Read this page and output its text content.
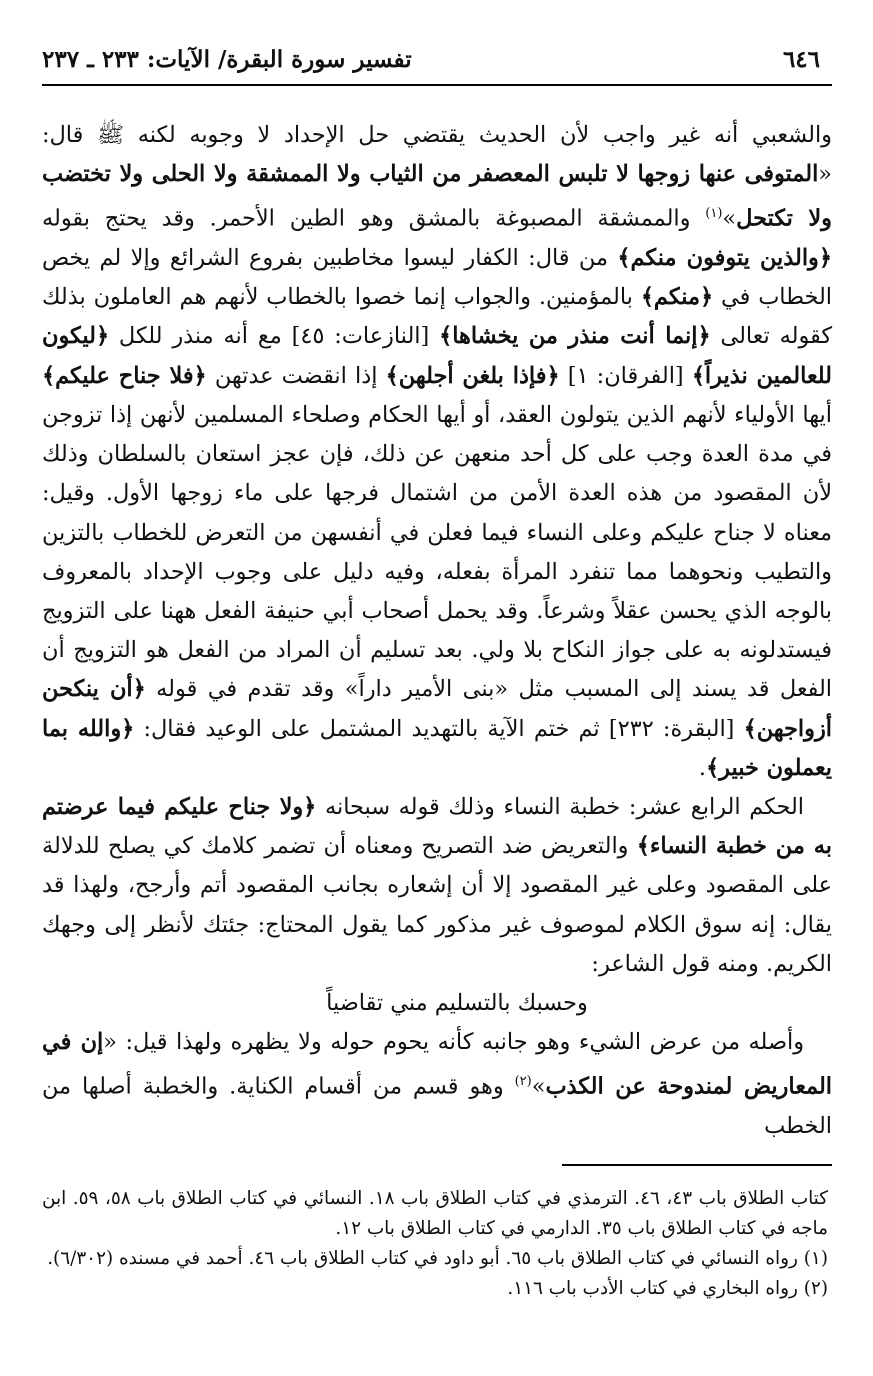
٦٤٦
تفسير سورة البقرة/ الآيات: ٢٣٣ ـ ٢٣٧

والشعبي أنه غير واجب لأن الحديث يقتضي حل الإحداد لا وجوبه لكنه ﷺ قال: «المتوفى عنها زوجها لا تلبس المعصفر من الثياب ولا الممشقة ولا الحلى ولا تختضب ولا تكتحل»$^{(١)}$ والممشقة المصبوغة بالمشق وهو الطين الأحمر. وقد يحتج بقوله ﴿والذين يتوفون منكم﴾ من قال: الكفار ليسوا مخاطبين بفروع الشرائع وإلا لم يخص الخطاب في ﴿منكم﴾ بالمؤمنين. والجواب إنما خصوا بالخطاب لأنهم هم العاملون بذلك كقوله تعالى ﴿إنما أنت منذر من يخشاها﴾ [النازعات: ٤٥] مع أنه منذر للكل ﴿ليكون للعالمين نذيراً﴾ [الفرقان: ١] ﴿فإذا بلغن أجلهن﴾ إذا انقضت عدتهن ﴿فلا جناح عليكم﴾ أيها الأولياء لأنهم الذين يتولون العقد، أو أيها الحكام وصلحاء المسلمين لأنهن إذا تزوجن في مدة العدة وجب على كل أحد منعهن عن ذلك، فإن عجز استعان بالسلطان وذلك لأن المقصود من هذه العدة الأمن من اشتمال فرجها على ماء زوجها الأول. وقيل: معناه لا جناح عليكم وعلى النساء فيما فعلن في أنفسهن من التعرض للخطاب بالتزين والتطيب ونحوهما مما تنفرد المرأة بفعله، وفيه دليل على وجوب الإحداد بالمعروف بالوجه الذي يحسن عقلاً وشرعاً. وقد يحمل أصحاب أبي حنيفة الفعل ههنا على التزويج فيستدلونه به على جواز النكاح بلا ولي. بعد تسليم أن المراد من الفعل هو التزويج أن الفعل قد يسند إلى المسبب مثل «بنى الأمير داراً» وقد تقدم في قوله ﴿أن ينكحن أزواجهن﴾ [البقرة: ٢٣٢] ثم ختم الآية بالتهديد المشتمل على الوعيد فقال: ﴿والله بما يعملون خبير﴾.

الحكم الرابع عشر: خطبة النساء وذلك قوله سبحانه ﴿ولا جناح عليكم فيما عرضتم به من خطبة النساء﴾ والتعريض ضد التصريح ومعناه أن تضمر كلامك كي يصلح للدلالة على المقصود وعلى غير المقصود إلا أن إشعاره بجانب المقصود أتم وأرجح، ولهذا قد يقال: إنه سوق الكلام لموصوف غير مذكور كما يقول المحتاج: جئتك لأنظر إلى وجهك الكريم. ومنه قول الشاعر:

وحسبك بالتسليم مني تقاضياً

وأصله من عرض الشيء وهو جانبه كأنه يحوم حوله ولا يظهره ولهذا قيل: «إن في المعاريض لمندوحة عن الكذب»$^{(٢)}$ وهو قسم من أقسام الكناية. والخطبة أصلها من الخطب

كتاب الطلاق باب ٤٣، ٤٦. الترمذي في كتاب الطلاق باب ١٨. النسائي في كتاب الطلاق باب ٥٨، ٥٩. ابن ماجه في كتاب الطلاق باب ٣٥. الدارمي في كتاب الطلاق باب ١٢.

(١) رواه النسائي في كتاب الطلاق باب ٦٥. أبو داود في كتاب الطلاق باب ٤٦. أحمد في مسنده (٦/٣٠٢).

(٢) رواه البخاري في كتاب الأدب باب ١١٦.
